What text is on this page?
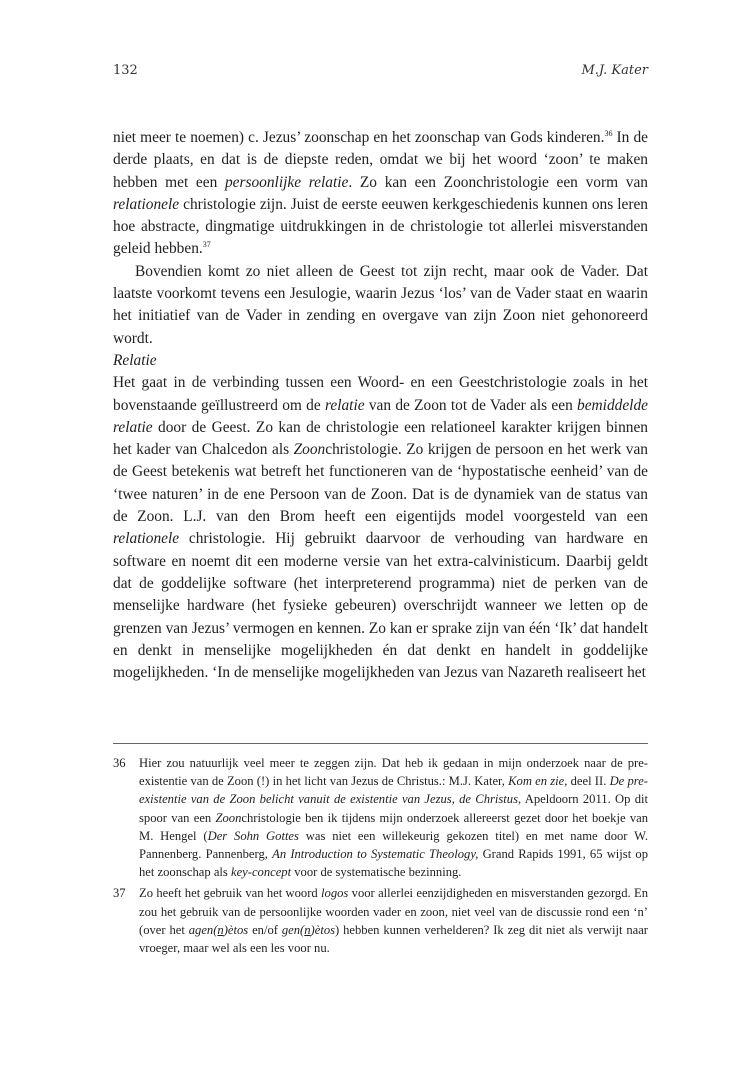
132	M.J. Kater

niet meer te noemen) c. Jezus’ zoonschap en het zoonschap van Gods kinderen.$^{36}$ In de derde plaats, en dat is de diepste reden, omdat we bij het woord ‘zoon’ te maken hebben met een persoonlijke relatie. Zo kan een Zoonchristologie een vorm van relationele christologie zijn. Juist de eerste eeuwen kerkgeschiedenis kunnen ons leren hoe abstracte, dingmatige uitdrukkingen in de christologie tot allerlei misverstanden geleid hebben.$^{37}$

Bovendien komt zo niet alleen de Geest tot zijn recht, maar ook de Vader. Dat laatste voorkomt tevens een Jesulogie, waarin Jezus ‘los’ van de Vader staat en waarin het initiatief van de Vader in zending en overgave van zijn Zoon niet gehonoreerd wordt.

Relatie

Het gaat in de verbinding tussen een Woord- en een Geestchristologie zoals in het bovenstaande geïllustreerd om de relatie van de Zoon tot de Vader als een bemiddelde relatie door de Geest. Zo kan de christologie een relationeel karakter krijgen binnen het kader van Chalcedon als Zoonchristologie. Zo krijgen de persoon en het werk van de Geest betekenis wat betreft het functioneren van de ‘hypostatische eenheid’ van de ‘twee naturen’ in de ene Persoon van de Zoon. Dat is de dynamiek van de status van de Zoon. L.J. van den Brom heeft een eigentijds model voorgesteld van een relationele christologie. Hij gebruikt daarvoor de verhouding van hardware en software en noemt dit een moderne versie van het extra-calvinisticum. Daarbij geldt dat de goddelijke software (het interpreterend programma) niet de perken van de menselijke hardware (het fysieke gebeuren) overschrijdt wanneer we letten op de grenzen van Jezus’ vermogen en kennen. Zo kan er sprake zijn van één ‘Ik’ dat handelt en denkt in menselijke mogelijkheden én dat denkt en handelt in goddelijke mogelijkheden. ‘In de menselijke mogelijkheden van Jezus van Nazareth realiseert het

36	Hier zou natuurlijk veel meer te zeggen zijn. Dat heb ik gedaan in mijn onderzoek naar de pre-existentie van de Zoon (!) in het licht van Jezus de Christus.: M.J. Kater, Kom en zie, deel II. De pre-existentie van de Zoon belicht vanuit de existentie van Jezus, de Christus, Apeldoorn 2011. Op dit spoor van een Zoonchristologie ben ik tijdens mijn onderzoek allereerst gezet door het boekje van M. Hengel (Der Sohn Gottes was niet een willekeurig gekozen titel) en met name door W. Pannenberg. Pannenberg, An Introduction to Systematic Theology, Grand Rapids 1991, 65 wijst op het zoonschap als key-concept voor de systematische bezinning.
37	Zo heeft het gebruik van het woord logos voor allerlei eenzijdigheden en misverstanden gezorgd. En zou het gebruik van de persoonlijke woorden vader en zoon, niet veel van de discussie rond een ‘n’ (over het agen(n)ètos en/of gen(n)ètos) hebben kunnen verhelderen? Ik zeg dit niet als verwijt naar vroeger, maar wel als een les voor nu.
